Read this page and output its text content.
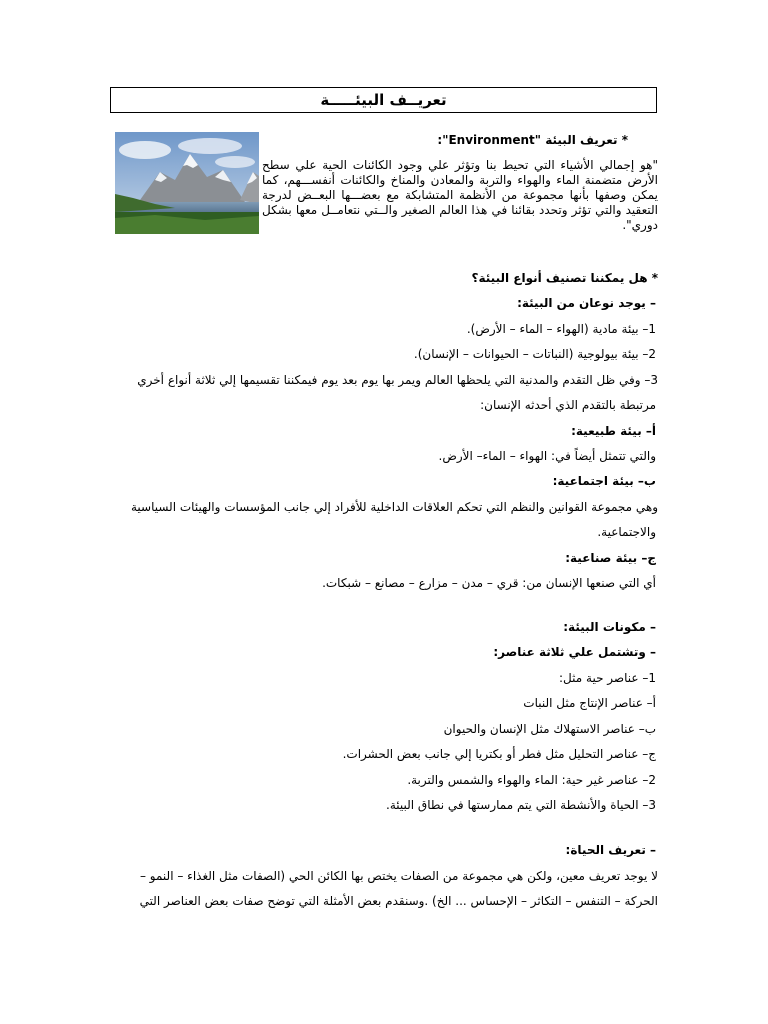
تعريــف البيئـــــة
* تعريف البيئة "Environment":
"هو إجمالي الأشياء التي تحيط بنا وتؤثر علي وجود الكائنات الحية علي سطح الأرض متضمنة الماء والهواء والتربة والمعادن والمناخ والكائنات أنفســـهم، كما يمكن وصفها بأنها مجموعة من الأنظمة المتشابكة مع بعضـــها البعــض لدرجة التعقيد والتي تؤثر وتحدد بقائنا في هذا العالم الصغير والــتي نتعامــل معها بشكل دوري".
* هل يمكننا تصنيف أنواع البيئة؟
– يوجد نوعان من البيئة:
1– بيئة مادية (الهواء – الماء – الأرض).
2– بيئة بيولوجية (النباتات – الحيوانات – الإنسان).
3– وفي ظل التقدم والمدنية التي يلحظها العالم ويمر بها يوم بعد يوم فيمكننا تقسيمها إلي ثلاثة أنواع أخري
مرتبطة بالتقدم الذي أحدثه الإنسان:
أ– بيئة طبيعية:
والتي تتمثل أيضاً في: الهواء – الماء– الأرض.
ب– بيئة اجتماعية:
وهي مجموعة القوانين والنظم التي تحكم العلاقات الداخلية للأفراد إلي جانب المؤسسات والهيئات السياسية
والاجتماعية.
ج– بيئة صناعية:
أي التي صنعها الإنسان من: قري – مدن – مزارع – مصانع – شبكات.
– مكونات البيئة:
– وتشتمل علي ثلاثة عناصر:
1– عناصر حية مثل:
أ– عناصر الإنتاج مثل النبات
ب– عناصر الاستهلاك مثل الإنسان والحيوان
ج– عناصر التحليل مثل فطر أو بكتريا إلي جانب بعض الحشرات.
2– عناصر غير حية: الماء والهواء والشمس والتربة.
3– الحياة والأنشطة التي يتم ممارستها في نطاق البيئة.
– تعريف الحياة:
لا يوجد تعريف معين، ولكن هي مجموعة من الصفات يختص بها الكائن الحي (الصفات مثل الغذاء – النمو –
الحركة – التنفس – التكاثر – الإحساس ... الخ) .وسنقدم بعض الأمثلة التي توضح صفات بعض العناصر التي
